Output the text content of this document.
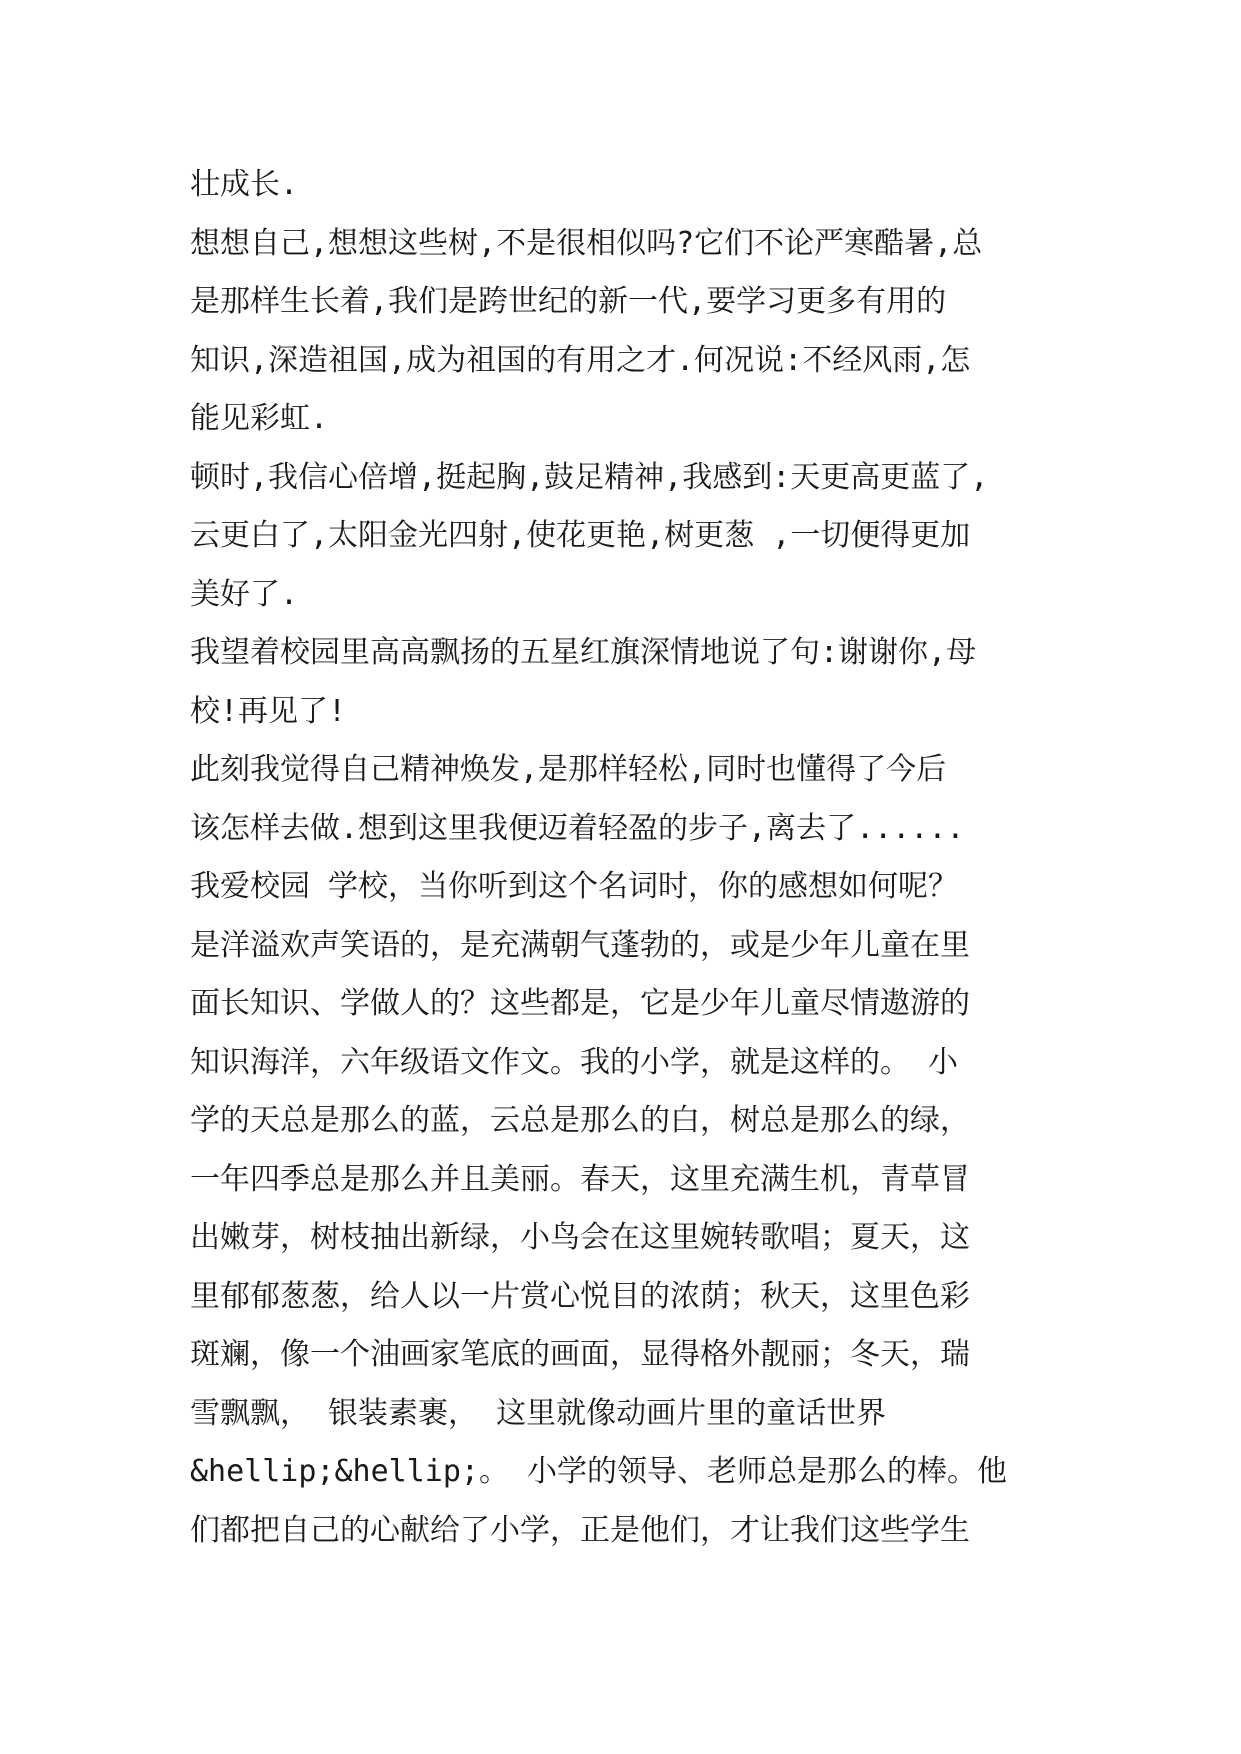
壮成长.
想想自己,想想这些树,不是很相似吗?它们不论严寒酷暑,总
是那样生长着,我们是跨世纪的新一代,要学习更多有用的
知识,深造祖国,成为祖国的有用之才.何况说:不经风雨,怎
能见彩虹.
顿时,我信心倍增,挺起胸,鼓足精神,我感到:天更高更蓝了,
云更白了,太阳金光四射,使花更艳,树更葱 ,一切便得更加
美好了.
我望着校园里高高飘扬的五星红旗深情地说了句:谢谢你,母
校!再见了!
此刻我觉得自己精神焕发,是那样轻松,同时也懂得了今后
该怎样去做.想到这里我便迈着轻盈的步子,离去了......
我爱校园 学校，当你听到这个名词时，你的感想如何呢？
是洋溢欢声笑语的，是充满朝气蓬勃的，或是少年儿童在里
面长知识、学做人的？这些都是，它是少年儿童尽情遨游的
知识海洋，六年级语文作文。我的小学，就是这样的。 小
学的天总是那么的蓝，云总是那么的白，树总是那么的绿，
一年四季总是那么并且美丽。春天，这里充满生机，青草冒
出嫩芽，树枝抽出新绿，小鸟会在这里婉转歌唱；夏天，这
里郁郁葱葱，给人以一片赏心悦目的浓荫；秋天，这里色彩
斑斓，像一个油画家笔底的画面，显得格外靓丽；冬天，瑞
雪飘飘， 银装素裹， 这里就像动画片里的童话世界
&hellip;&hellip;。 小学的领导、老师总是那么的棒。他
们都把自己的心献给了小学，正是他们，才让我们这些学生
